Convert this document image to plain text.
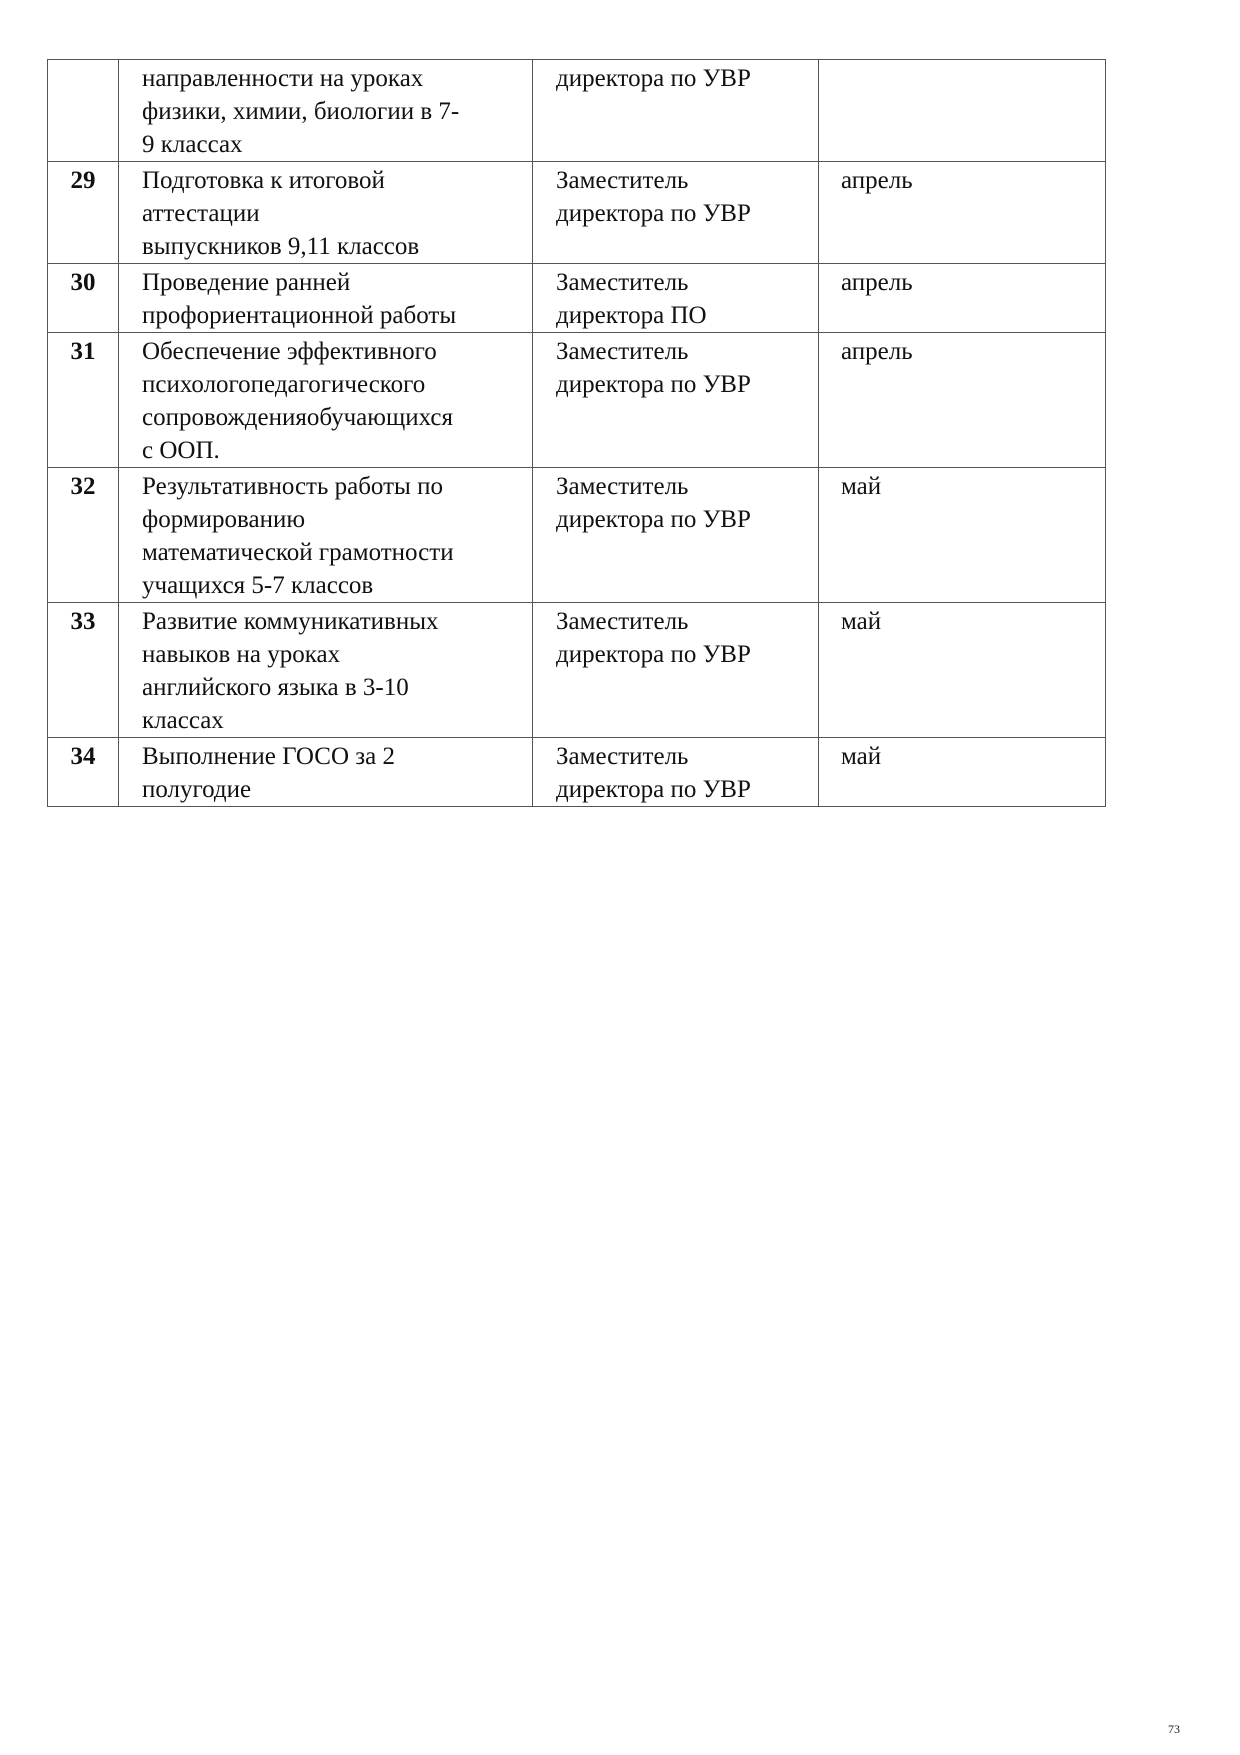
	направленности на уроках
физики, химии, биологии в 7-
9 классах	директора по УВР	

29	Подготовка к итоговой
аттестации
выпускников 9,11 классов	Заместитель
директора по УВР	апрель
30	Проведение ранней
профориентационной работы	Заместитель
директора ПО	апрель
31	Обеспечение эффективного
психологопедагогического
сопровожденияобучающихся
с ООП.	Заместитель
директора по УВР	апрель
32	Результативность работы по
формированию
математической грамотности
учащихся 5-7 классов	Заместитель
директора по УВР	май
33	Развитие коммуникативных
навыков на уроках
английского языка в 3-10
классах	Заместитель
директора по УВР	май
34	Выполнение ГОСО за 2
полугодие	Заместитель
директора по УВР	май
73
